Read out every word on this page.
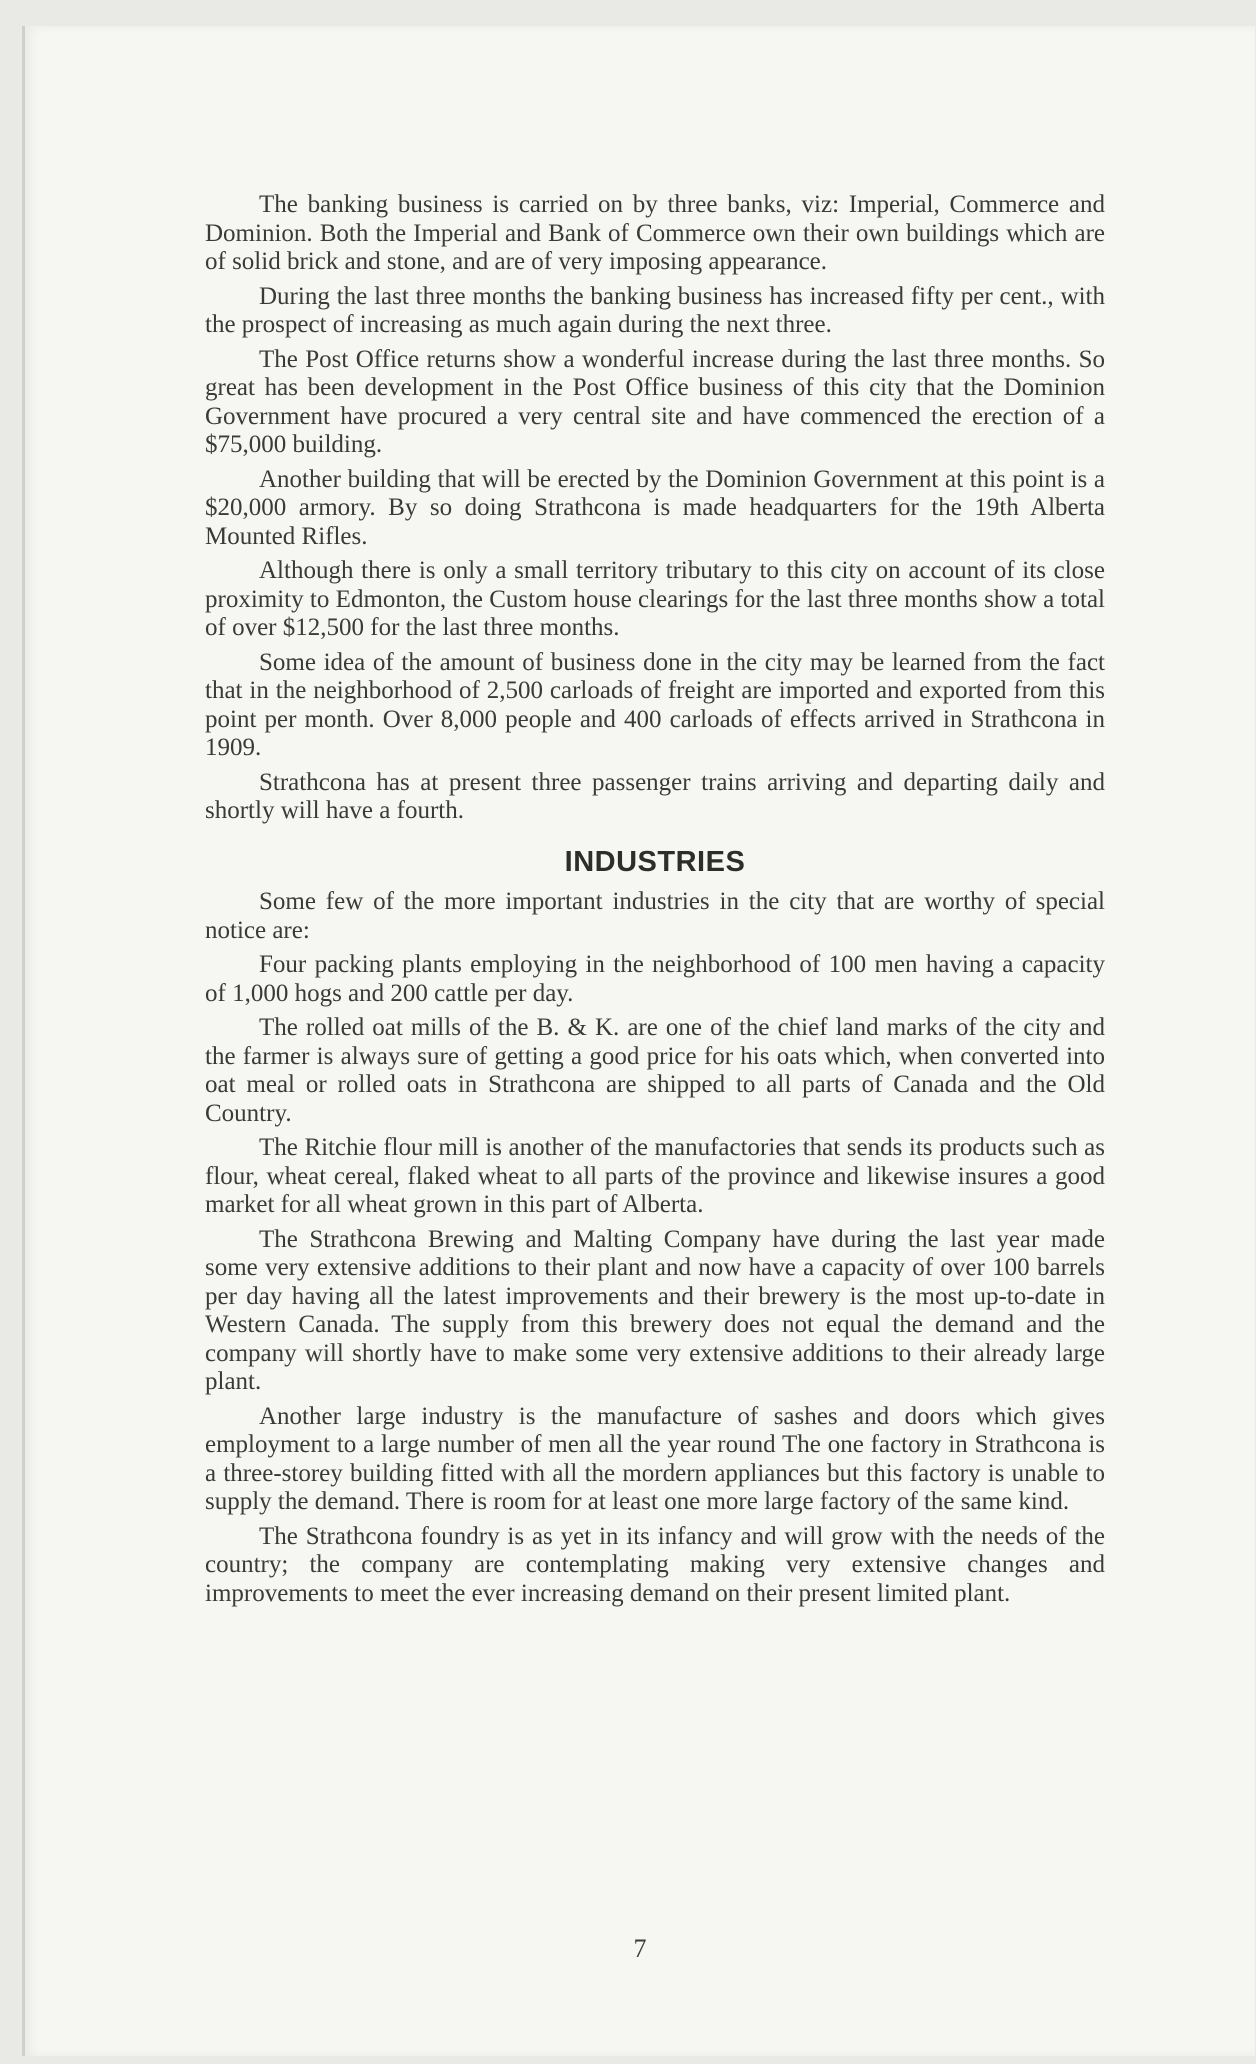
The banking business is carried on by three banks, viz: Imperial, Commerce and Dominion. Both the Imperial and Bank of Commerce own their own buildings which are of solid brick and stone, and are of very imposing appearance.

During the last three months the banking business has increased fifty per cent., with the prospect of increasing as much again during the next three.

The Post Office returns show a wonderful increase during the last three months. So great has been development in the Post Office business of this city that the Dominion Government have procured a very central site and have commenced the erection of a $75,000 building.

Another building that will be erected by the Dominion Government at this point is a $20,000 armory. By so doing Strathcona is made headquarters for the 19th Alberta Mounted Rifles.

Although there is only a small territory tributary to this city on account of its close proximity to Edmonton, the Custom house clearings for the last three months show a total of over $12,500 for the last three months.

Some idea of the amount of business done in the city may be learned from the fact that in the neighborhood of 2,500 carloads of freight are imported and exported from this point per month. Over 8,000 people and 400 carloads of effects arrived in Strathcona in 1909.

Strathcona has at present three passenger trains arriving and departing daily and shortly will have a fourth.

INDUSTRIES

Some few of the more important industries in the city that are worthy of special notice are:

Four packing plants employing in the neighborhood of 100 men having a capacity of 1,000 hogs and 200 cattle per day.

The rolled oat mills of the B. & K. are one of the chief land marks of the city and the farmer is always sure of getting a good price for his oats which, when converted into oat meal or rolled oats in Strathcona are shipped to all parts of Canada and the Old Country.

The Ritchie flour mill is another of the manufactories that sends its products such as flour, wheat cereal, flaked wheat to all parts of the province and likewise insures a good market for all wheat grown in this part of Alberta.

The Strathcona Brewing and Malting Company have during the last year made some very extensive additions to their plant and now have a capacity of over 100 barrels per day having all the latest improvements and their brewery is the most up-to-date in Western Canada. The supply from this brewery does not equal the demand and the company will shortly have to make some very extensive additions to their already large plant.

Another large industry is the manufacture of sashes and doors which gives employment to a large number of men all the year round The one factory in Strathcona is a three-storey building fitted with all the mordern appliances but this factory is unable to supply the demand. There is room for at least one more large factory of the same kind.

The Strathcona foundry is as yet in its infancy and will grow with the needs of the country; the company are contemplating making very extensive changes and improvements to meet the ever increasing demand on their present limited plant.

7
